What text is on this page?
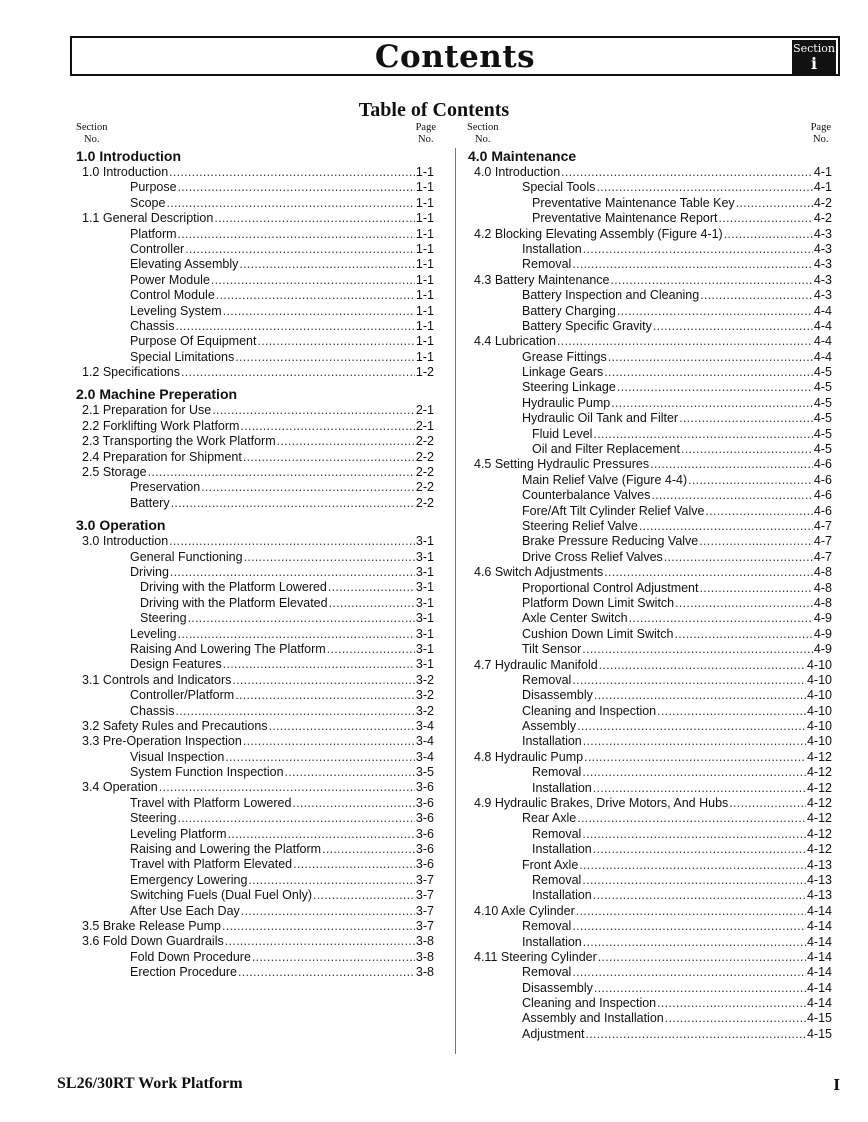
Contents	Section
i
Table of Contents
Section
No.
Page
No.
Section
No.
Page
No.
1.0 Introduction
1.0 Introduction . . .	1-1
Purpose . . .	1-1
Scope . . .	1-1
1.1 General Description . . .	1-1
Platform . . .	1-1
Controller . . .	1-1
Elevating Assembly . . .	1-1
Power Module . . .	1-1
Control Module . . .	1-1
Leveling System . . .	1-1
Chassis . . .	1-1
Purpose Of Equipment . . .	1-1
Special Limitations . . .	1-1
1.2 Specifications . . .	1-2
2.0 Machine Preperation
2.1 Preparation for Use . . .	2-1
2.2 Forklifting Work Platform . . .	2-1
2.3 Transporting the Work Platform . . .	2-2
2.4 Preparation for Shipment . . .	2-2
2.5 Storage . . .	2-2
Preservation . . .	2-2
Battery . . .	2-2
3.0 Operation
3.0 Introduction . . .	3-1
General Functioning . . .	3-1
Driving . . .	3-1
Driving with the Platform Lowered . . .	3-1
Driving with the Platform Elevated . . .	3-1
Steering . . .	3-1
Leveling . . .	3-1
Raising And Lowering The Platform . . .	3-1
Design Features . . .	3-1
3.1 Controls and Indicators . . .	3-2
Controller/Platform . . .	3-2
Chassis . . .	3-2
3.2 Safety Rules and Precautions . . .	3-4
3.3 Pre-Operation Inspection . . .	3-4
Visual Inspection . . .	3-4
System Function Inspection . . .	3-5
3.4 Operation . . .	3-6
Travel with Platform Lowered . . .	3-6
Steering . . .	3-6
Leveling Platform . . .	3-6
Raising and Lowering the Platform . . .	3-6
Travel with Platform Elevated . . .	3-6
Emergency Lowering . . .	3-7
Switching Fuels (Dual Fuel Only) . . .	3-7
After Use Each Day . . .	3-7
3.5 Brake Release Pump . . .	3-7
3.6 Fold Down Guardrails . . .	3-8
Fold Down Procedure . . .	3-8
Erection Procedure . . .	3-8
4.0 Maintenance
4.0 Introduction . . .	4-1
Special Tools . . .	4-1
Preventative Maintenance Table Key . . .	4-2
Preventative Maintenance Report . . .	4-2
4.2 Blocking Elevating Assembly (Figure 4-1) . . .	4-3
Installation . . .	4-3
Removal . . .	4-3
4.3 Battery Maintenance . . .	4-3
Battery Inspection and Cleaning . . .	4-3
Battery Charging . . .	4-4
Battery Specific Gravity . . .	4-4
4.4 Lubrication . . .	4-4
Grease Fittings . . .	4-4
Linkage Gears . . .	4-5
Steering Linkage . . .	4-5
Hydraulic Pump . . .	4-5
Hydraulic Oil Tank and Filter . . .	4-5
Fluid Level . . .	4-5
Oil and Filter Replacement . . .	4-5
4.5 Setting Hydraulic Pressures . . .	4-6
Main Relief Valve (Figure 4-4) . . .	4-6
Counterbalance Valves . . .	4-6
Fore/Aft Tilt Cylinder Relief Valve . . .	4-6
Steering Relief Valve . . .	4-7
Brake Pressure Reducing Valve . . .	4-7
Drive Cross Relief Valves . . .	4-7
4.6 Switch Adjustments . . .	4-8
Proportional Control Adjustment . . .	4-8
Platform Down Limit Switch . . .	4-8
Axle Center Switch . . .	4-9
Cushion Down Limit Switch . . .	4-9
Tilt Sensor . . .	4-9
4.7 Hydraulic Manifold . . .	4-10
Removal . . .	4-10
Disassembly . . .	4-10
Cleaning and Inspection . . .	4-10
Assembly . . .	4-10
Installation . . .	4-10
4.8 Hydraulic Pump . . .	4-12
Removal . . .	4-12
Installation . . .	4-12
4.9 Hydraulic Brakes, Drive Motors, And Hubs . . .	4-12
Rear Axle . . .	4-12
Removal . . .	4-12
Installation . . .	4-12
Front Axle . . .	4-13
Removal . . .	4-13
Installation . . .	4-13
4.10 Axle Cylinder . . .	4-14
Removal . . .	4-14
Installation . . .	4-14
4.11 Steering Cylinder . . .	4-14
Removal . . .	4-14
Disassembly . . .	4-14
Cleaning and Inspection . . .	4-14
Assembly and Installation . . .	4-15
Adjustment . . .	4-15
SL26/30RT Work Platform	I
